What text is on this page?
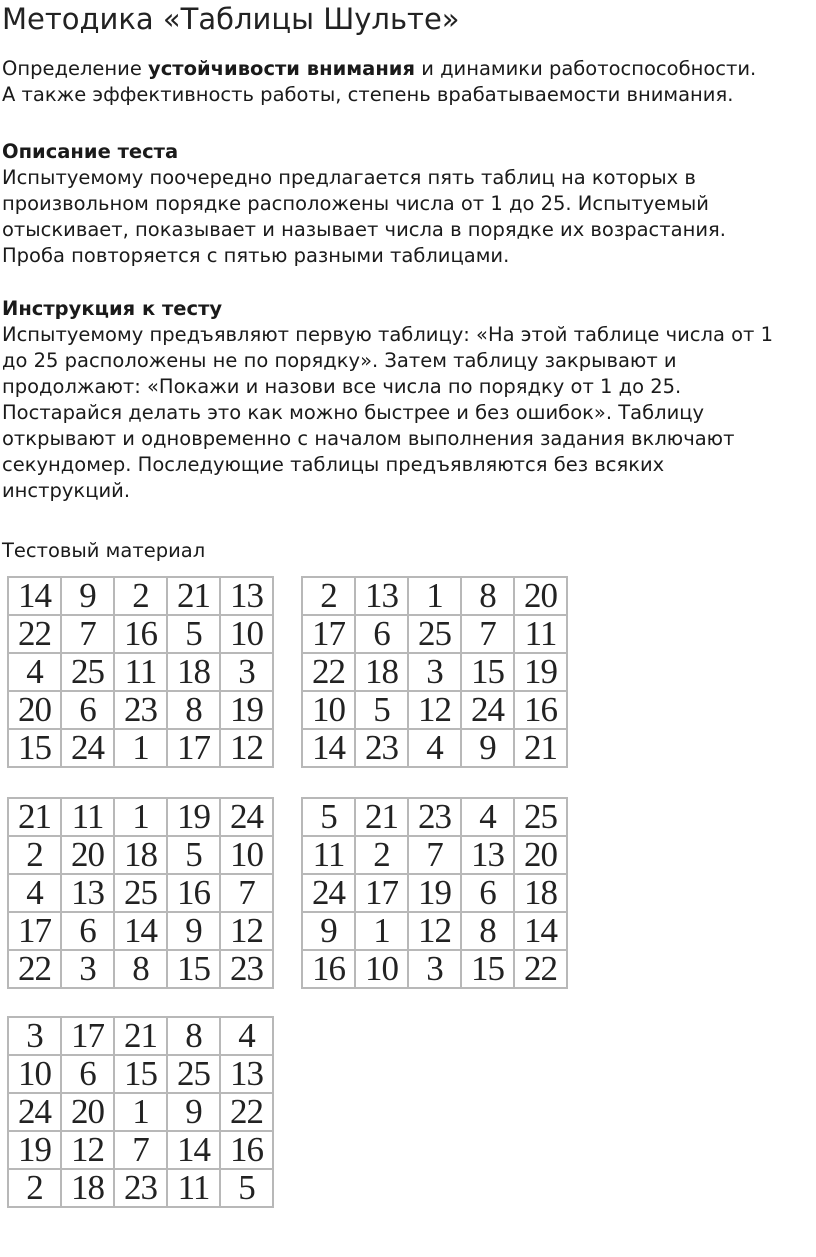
Методика «Таблицы Шульте»
Определение устойчивости внимания и динамики работоспособности.
А также эффективность работы, степень врабатываемости внимания.
Описание теста
Испытуемому поочередно предлагается пять таблиц на которых в
произвольном порядке расположены числа от 1 до 25. Испытуемый
отыскивает, показывает и называет числа в порядке их возрастания.
Проба повторяется с пятью разными таблицами.
Инструкция к тесту
Испытуемому предъявляют первую таблицу: «На этой таблице числа от 1
до 25 расположены не по порядку». Затем таблицу закрывают и
продолжают: «Покажи и назови все числа по порядку от 1 до 25.
Постарайся делать это как можно быстрее и без ошибок». Таблицу
открывают и одновременно с началом выполнения задания включают
секундомер. Последующие таблицы предъявляются без всяких
инструкций.
Тестовый материал
14	9	2	21	13
22	7	16	5	10
4	25	11	18	3
20	6	23	8	19
15	24	1	17	12
2	13	1	8	20
17	6	25	7	11
22	18	3	15	19
10	5	12	24	16
14	23	4	9	21
21	11	1	19	24
2	20	18	5	10
4	13	25	16	7
17	6	14	9	12
22	3	8	15	23
5	21	23	4	25
11	2	7	13	20
24	17	19	6	18
9	1	12	8	14
16	10	3	15	22
3	17	21	8	4
10	6	15	25	13
24	20	1	9	22
19	12	7	14	16
2	18	23	11	5
